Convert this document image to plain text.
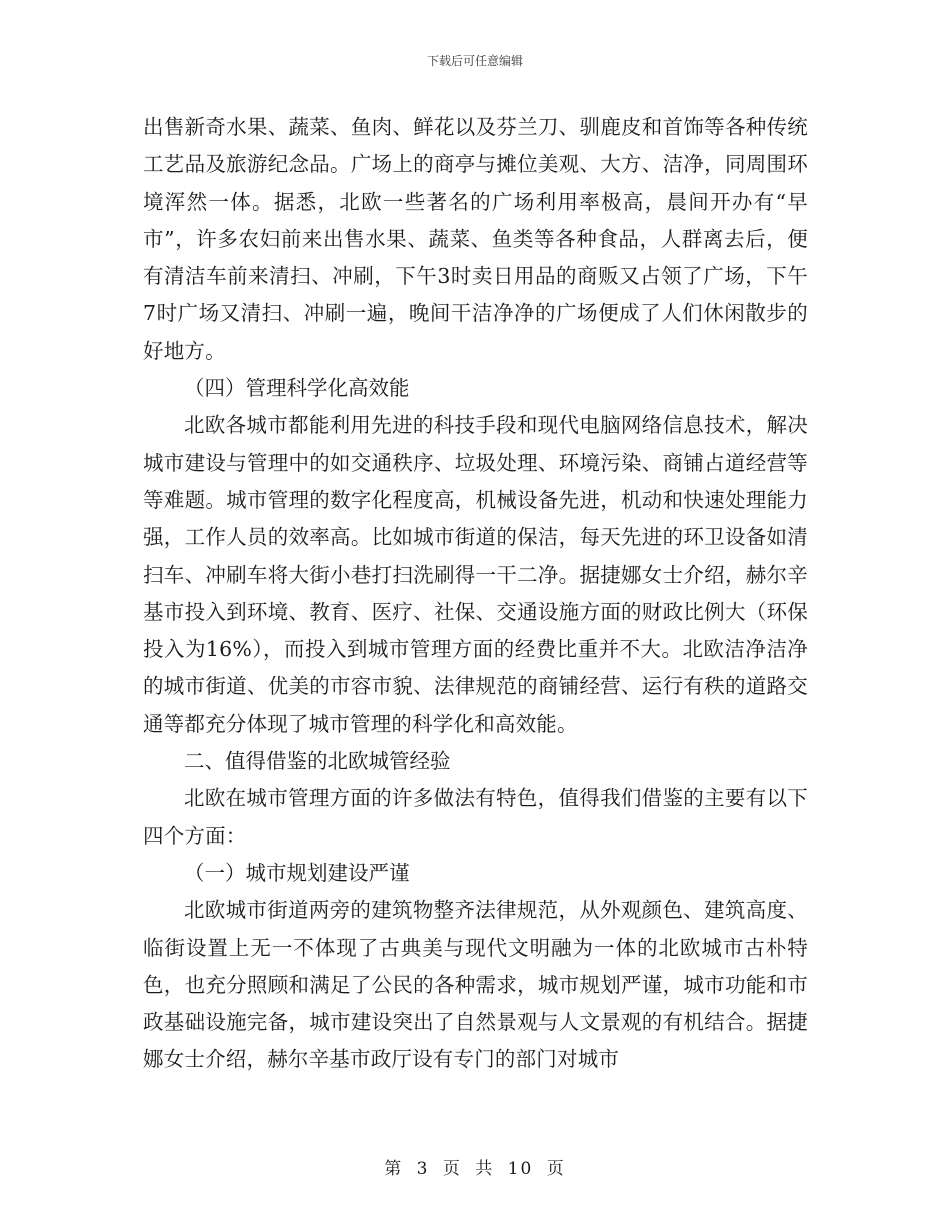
下载后可任意编辑

出售新奇水果、蔬菜、鱼肉、鲜花以及芬兰刀、驯鹿皮和首饰等各种传统工艺品及旅游纪念品。广场上的商亭与摊位美观、大方、洁净，同周围环境浑然一体。据悉，北欧一些著名的广场利用率极高，晨间开办有“早市”，许多农妇前来出售水果、蔬菜、鱼类等各种食品，人群离去后，便有清洁车前来清扫、冲刷，下午3时卖日用品的商贩又占领了广场，下午7时广场又清扫、冲刷一遍，晚间干洁净净的广场便成了人们休闲散步的好地方。

（四）管理科学化高效能

北欧各城市都能利用先进的科技手段和现代电脑网络信息技术，解决城市建设与管理中的如交通秩序、垃圾处理、环境污染、商铺占道经营等等难题。城市管理的数字化程度高，机械设备先进，机动和快速处理能力强，工作人员的效率高。比如城市街道的保洁，每天先进的环卫设备如清扫车、冲刷车将大街小巷打扫洗刷得一干二净。据捷娜女士介绍，赫尔辛基市投入到环境、教育、医疗、社保、交通设施方面的财政比例大（环保投入为16%），而投入到城市管理方面的经费比重并不大。北欧洁净洁净的城市街道、优美的市容市貌、法律规范的商铺经营、运行有秩的道路交通等都充分体现了城市管理的科学化和高效能。

二、值得借鉴的北欧城管经验

北欧在城市管理方面的许多做法有特色，值得我们借鉴的主要有以下四个方面：

（一）城市规划建设严谨

北欧城市街道两旁的建筑物整齐法律规范，从外观颜色、建筑高度、临街设置上无一不体现了古典美与现代文明融为一体的北欧城市古朴特色，也充分照顾和满足了公民的各种需求，城市规划严谨，城市功能和市政基础设施完备，城市建设突出了自然景观与人文景观的有机结合。据捷娜女士介绍，赫尔辛基市政厅设有专门的部门对城市

第 3 页 共 10 页
